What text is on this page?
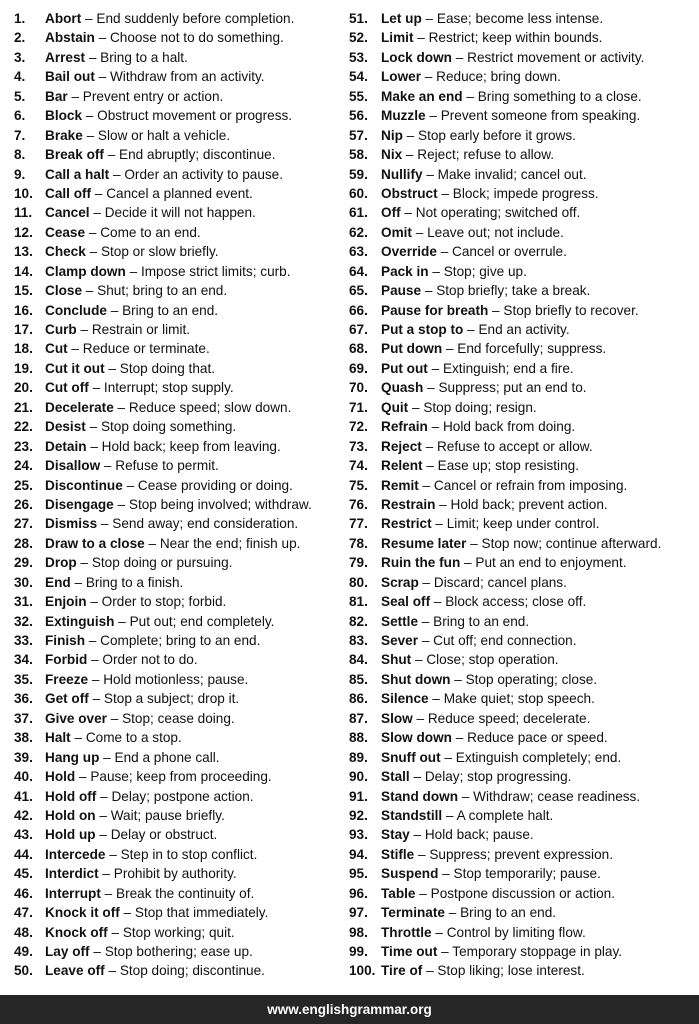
1. Abort – End suddenly before completion.
2. Abstain – Choose not to do something.
3. Arrest – Bring to a halt.
4. Bail out – Withdraw from an activity.
5. Bar – Prevent entry or action.
6. Block – Obstruct movement or progress.
7. Brake – Slow or halt a vehicle.
8. Break off – End abruptly; discontinue.
9. Call a halt – Order an activity to pause.
10. Call off – Cancel a planned event.
11. Cancel – Decide it will not happen.
12. Cease – Come to an end.
13. Check – Stop or slow briefly.
14. Clamp down – Impose strict limits; curb.
15. Close – Shut; bring to an end.
16. Conclude – Bring to an end.
17. Curb – Restrain or limit.
18. Cut – Reduce or terminate.
19. Cut it out – Stop doing that.
20. Cut off – Interrupt; stop supply.
21. Decelerate – Reduce speed; slow down.
22. Desist – Stop doing something.
23. Detain – Hold back; keep from leaving.
24. Disallow – Refuse to permit.
25. Discontinue – Cease providing or doing.
26. Disengage – Stop being involved; withdraw.
27. Dismiss – Send away; end consideration.
28. Draw to a close – Near the end; finish up.
29. Drop – Stop doing or pursuing.
30. End – Bring to a finish.
31. Enjoin – Order to stop; forbid.
32. Extinguish – Put out; end completely.
33. Finish – Complete; bring to an end.
34. Forbid – Order not to do.
35. Freeze – Hold motionless; pause.
36. Get off – Stop a subject; drop it.
37. Give over – Stop; cease doing.
38. Halt – Come to a stop.
39. Hang up – End a phone call.
40. Hold – Pause; keep from proceeding.
41. Hold off – Delay; postpone action.
42. Hold on – Wait; pause briefly.
43. Hold up – Delay or obstruct.
44. Intercede – Step in to stop conflict.
45. Interdict – Prohibit by authority.
46. Interrupt – Break the continuity of.
47. Knock it off – Stop that immediately.
48. Knock off – Stop working; quit.
49. Lay off – Stop bothering; ease up.
50. Leave off – Stop doing; discontinue.
51. Let up – Ease; become less intense.
52. Limit – Restrict; keep within bounds.
53. Lock down – Restrict movement or activity.
54. Lower – Reduce; bring down.
55. Make an end – Bring something to a close.
56. Muzzle – Prevent someone from speaking.
57. Nip – Stop early before it grows.
58. Nix – Reject; refuse to allow.
59. Nullify – Make invalid; cancel out.
60. Obstruct – Block; impede progress.
61. Off – Not operating; switched off.
62. Omit – Leave out; not include.
63. Override – Cancel or overrule.
64. Pack in – Stop; give up.
65. Pause – Stop briefly; take a break.
66. Pause for breath – Stop briefly to recover.
67. Put a stop to – End an activity.
68. Put down – End forcefully; suppress.
69. Put out – Extinguish; end a fire.
70. Quash – Suppress; put an end to.
71. Quit – Stop doing; resign.
72. Refrain – Hold back from doing.
73. Reject – Refuse to accept or allow.
74. Relent – Ease up; stop resisting.
75. Remit – Cancel or refrain from imposing.
76. Restrain – Hold back; prevent action.
77. Restrict – Limit; keep under control.
78. Resume later – Stop now; continue afterward.
79. Ruin the fun – Put an end to enjoyment.
80. Scrap – Discard; cancel plans.
81. Seal off – Block access; close off.
82. Settle – Bring to an end.
83. Sever – Cut off; end connection.
84. Shut – Close; stop operation.
85. Shut down – Stop operating; close.
86. Silence – Make quiet; stop speech.
87. Slow – Reduce speed; decelerate.
88. Slow down – Reduce pace or speed.
89. Snuff out – Extinguish completely; end.
90. Stall – Delay; stop progressing.
91. Stand down – Withdraw; cease readiness.
92. Standstill – A complete halt.
93. Stay – Hold back; pause.
94. Stifle – Suppress; prevent expression.
95. Suspend – Stop temporarily; pause.
96. Table – Postpone discussion or action.
97. Terminate – Bring to an end.
98. Throttle – Control by limiting flow.
99. Time out – Temporary stoppage in play.
100. Tire of – Stop liking; lose interest.
www.englishgrammar.org
